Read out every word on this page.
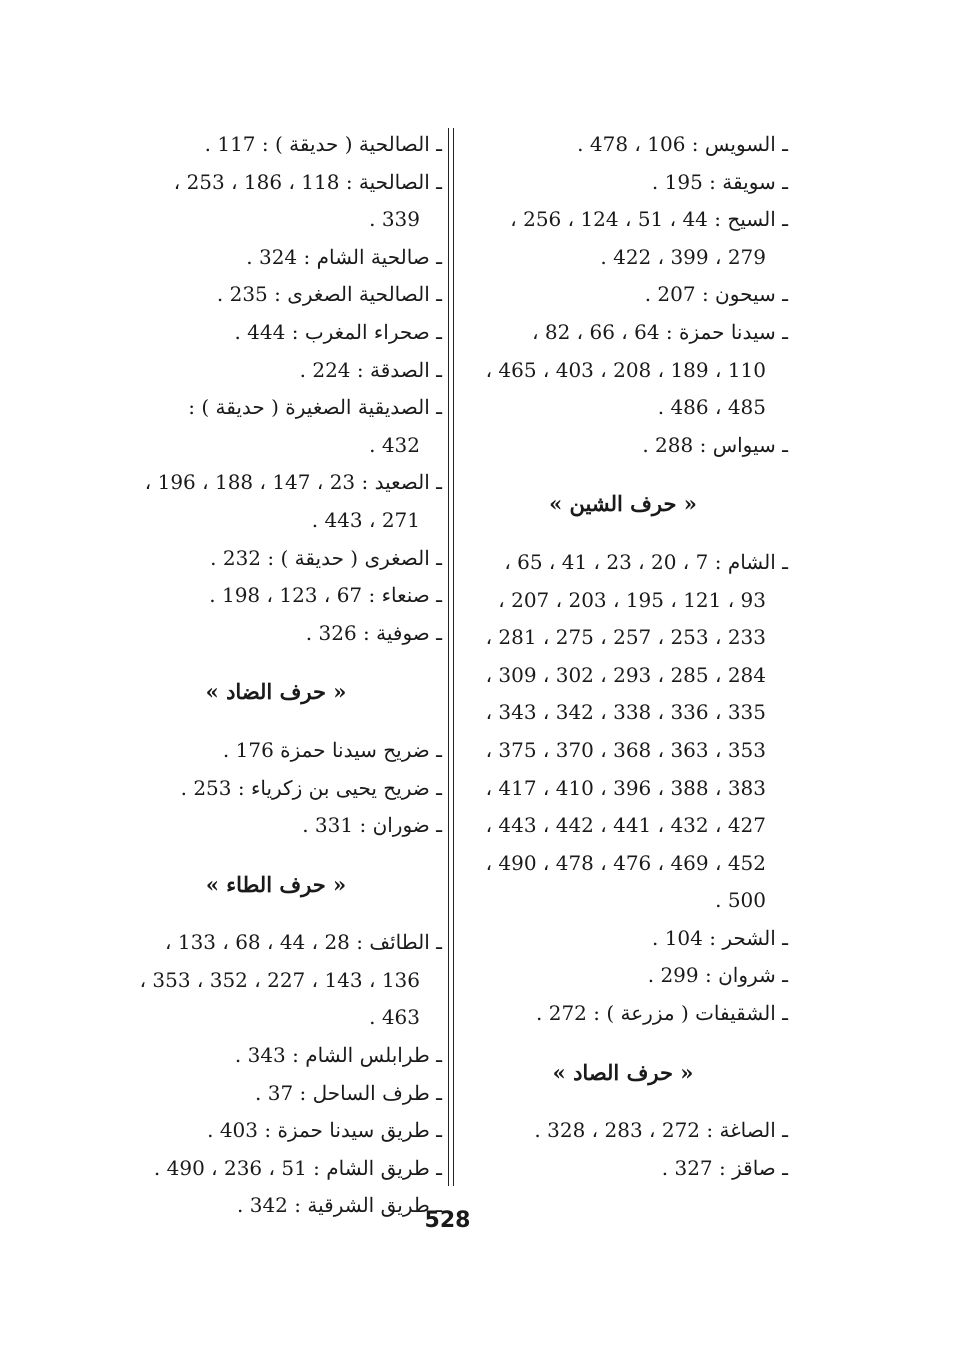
ـ السويس : 106 ، 478 .
ـ سويقة : 195 .
ـ السيح : 44 ، 51 ، 124 ، 256 ،
279 ، 399 ، 422 .
ـ سيحون : 207 .
ـ سيدنا حمزة : 64 ، 66 ، 82 ،
110 ، 189 ، 208 ، 403 ، 465 ،
485 ، 486 .
ـ سيواس : 288 .
« حرف الشين »
ـ الشام : 7 ، 20 ، 23 ، 41 ، 65 ،
93 ، 121 ، 195 ، 203 ، 207 ،
233 ، 253 ، 257 ، 275 ، 281 ،
284 ، 285 ، 293 ، 302 ، 309 ،
335 ، 336 ، 338 ، 342 ، 343 ،
353 ، 363 ، 368 ، 370 ، 375 ،
383 ، 388 ، 396 ، 410 ، 417 ،
427 ، 432 ، 441 ، 442 ، 443 ،
452 ، 469 ، 476 ، 478 ، 490 ،
500 .
ـ الشحر : 104 .
ـ شروان : 299 .
ـ الشقيفات ( مزرعة ) : 272 .
« حرف الصاد »
ـ الصاغة : 272 ، 283 ، 328 .
ـ صاقز : 327 .
ـ الصالحية ( حديقة ) : 117 .
ـ الصالحية : 118 ، 186 ، 253 ،
339 .
ـ صالحية الشام : 324 .
ـ الصالحية الصغرى : 235 .
ـ صحراء المغرب : 444 .
ـ الصدقة : 224 .
ـ الصديقية الصغيرة ( حديقة ) :
432 .
ـ الصعيد : 23 ، 147 ، 188 ، 196 ،
271 ، 443 .
ـ الصغرى ( حديقة ) : 232 .
ـ صنعاء : 67 ، 123 ، 198 .
ـ صوفية : 326 .
« حرف الضاد »
ـ ضريح سيدنا حمزة 176 .
ـ ضريح يحيى بن زكرياء : 253 .
ـ ضوران : 331 .
« حرف الطاء »
ـ الطائف : 28 ، 44 ، 68 ، 133 ،
136 ، 143 ، 227 ، 352 ، 353 ،
463 .
ـ طرابلس الشام : 343 .
ـ طرف الساحل : 37 .
ـ طريق سيدنا حمزة : 403 .
ـ طريق الشام : 51 ، 236 ، 490 .
ـ طريق الشرقية : 342 .
528
